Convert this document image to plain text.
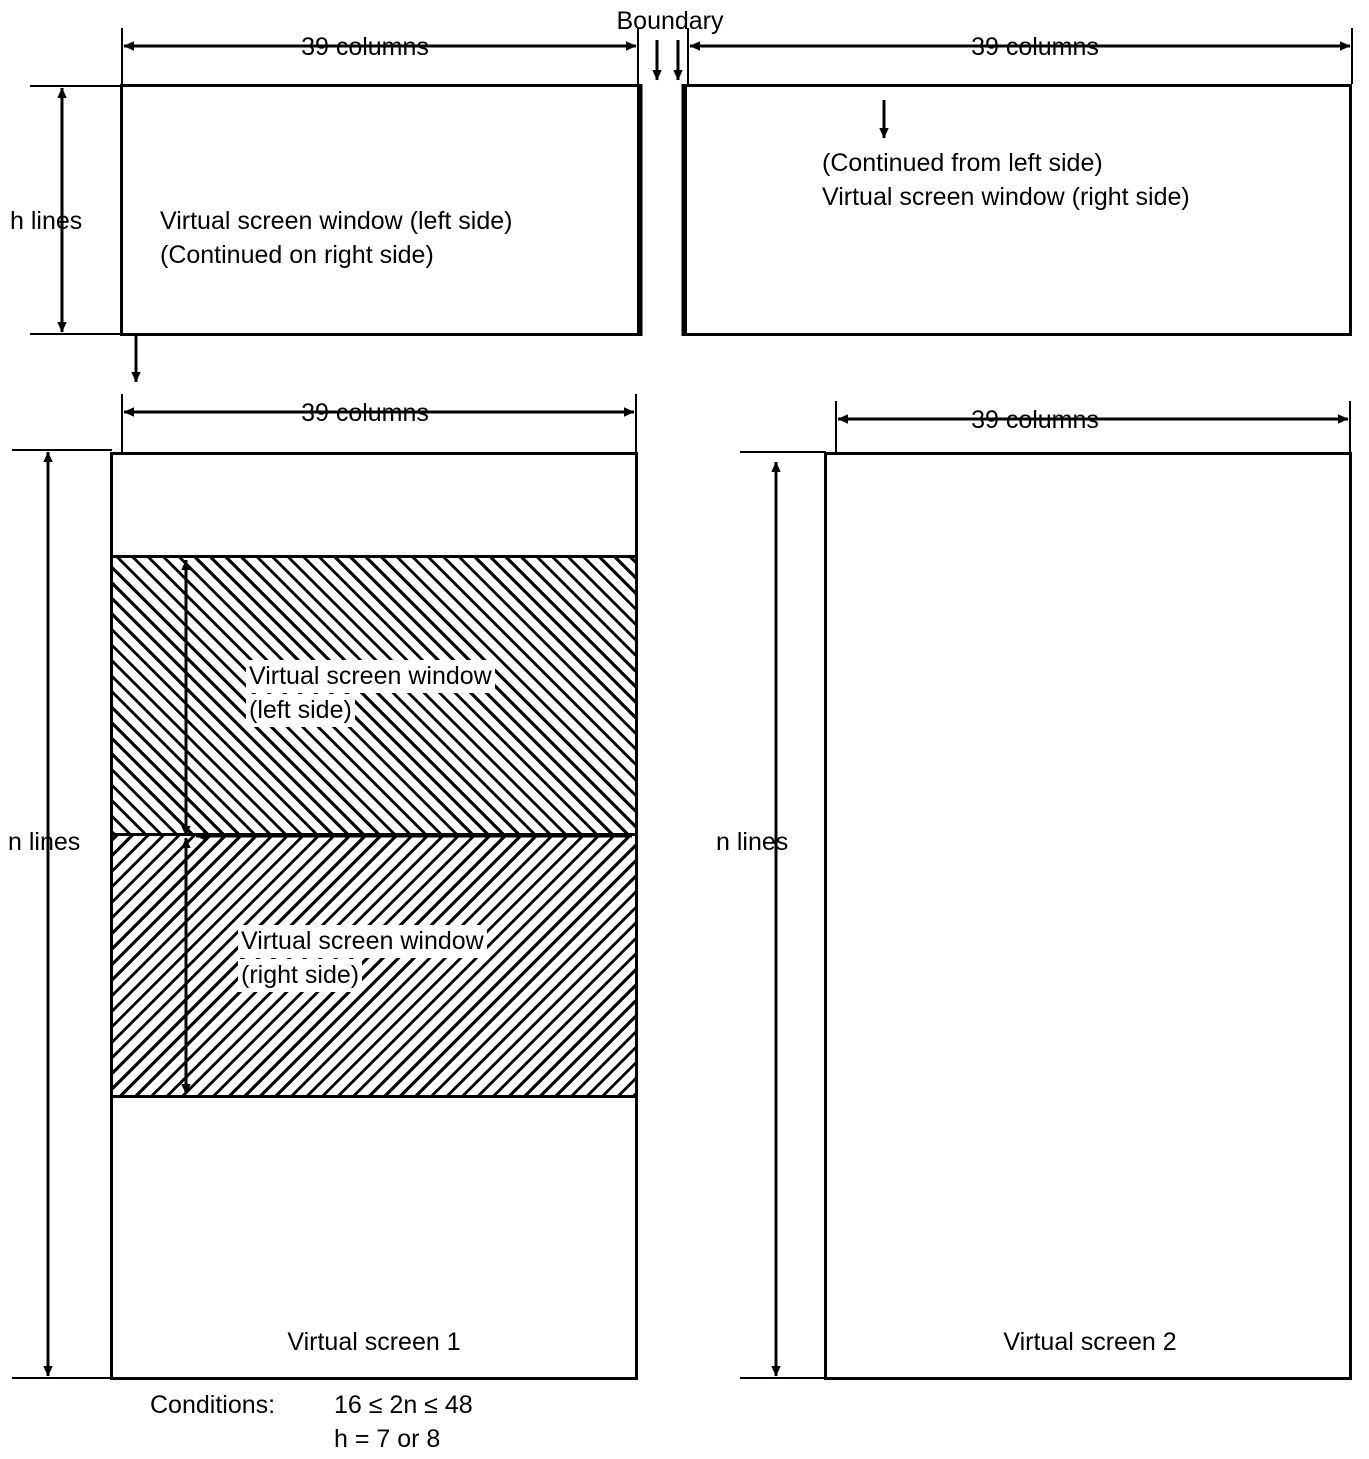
Boundary
39 columns	39 columns
h lines	Virtual screen window (left side)
(Continued on right side)
(Continued from left side)
Virtual screen window (right side)
39 columns
n lines
Virtual screen window
(left side)
Virtual screen window
(right side)
Virtual screen 1
39 columns
n lines
Virtual screen 2
Conditions: 16 ≤ 2n ≤ 48
h = 7 or 8
